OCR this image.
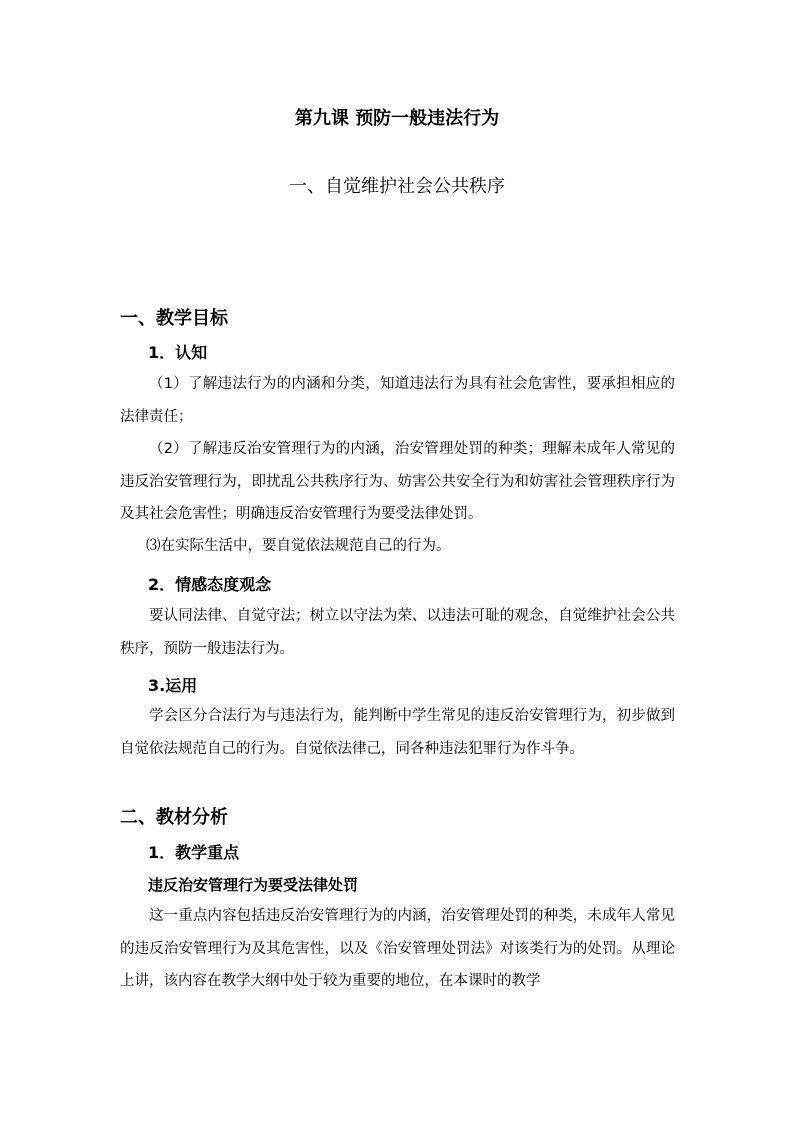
第九课 预防一般违法行为
一、自觉维护社会公共秩序
一、教学目标
1．认知
（1）了解违法行为的内涵和分类，知道违法行为具有社会危害性，要承担相应的法律责任；
（2）了解违反治安管理行为的内涵，治安管理处罚的种类；理解未成年人常见的违反治安管理行为，即扰乱公共秩序行为、妨害公共安全行为和妨害社会管理秩序行为及其社会危害性；明确违反治安管理行为要受法律处罚。
⑶在实际生活中，要自觉依法规范自己的行为。
2．情感态度观念
要认同法律、自觉守法；树立以守法为荣、以违法可耻的观念，自觉维护社会公共秩序，预防一般违法行为。
3.运用
学会区分合法行为与违法行为，能判断中学生常见的违反治安管理行为，初步做到自觉依法规范自己的行为。自觉依法律己，同各种违法犯罪行为作斗争。
二、教材分析
1．教学重点
违反治安管理行为要受法律处罚
这一重点内容包括违反治安管理行为的内涵，治安管理处罚的种类，未成年人常见的违反治安管理行为及其危害性，以及《治安管理处罚法》对该类行为的处罚。从理论上讲，该内容在教学大纲中处于较为重要的地位，在本课时的教学
